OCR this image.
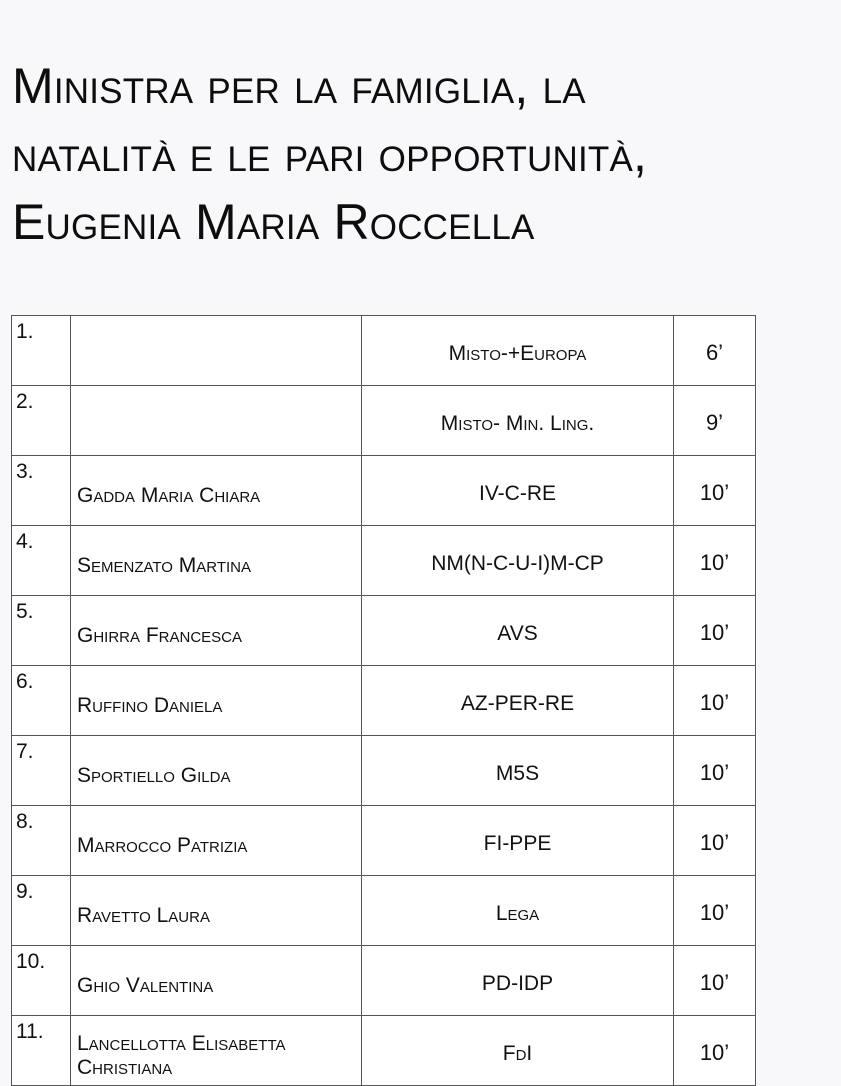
Ministra per la famiglia, la
natalità e le pari opportunità,
Eugenia Maria Roccella
1.		Misto-+Europa	6’
2.		Misto- Min. Ling.	9’
3.	Gadda Maria Chiara	IV-C-RE	10’
4.	Semenzato Martina	NM(N-C-U-I)M-CP	10’
5.	Ghirra Francesca	AVS	10’
6.	Ruffino Daniela	AZ-PER-RE	10’
7.	Sportiello Gilda	M5S	10’
8.	Marrocco Patrizia	FI-PPE	10’
9.	Ravetto Laura	Lega	10’
10.	Ghio Valentina	PD-IDP	10’
11.	Lancellotta Elisabetta Christiana	FdI	10’
